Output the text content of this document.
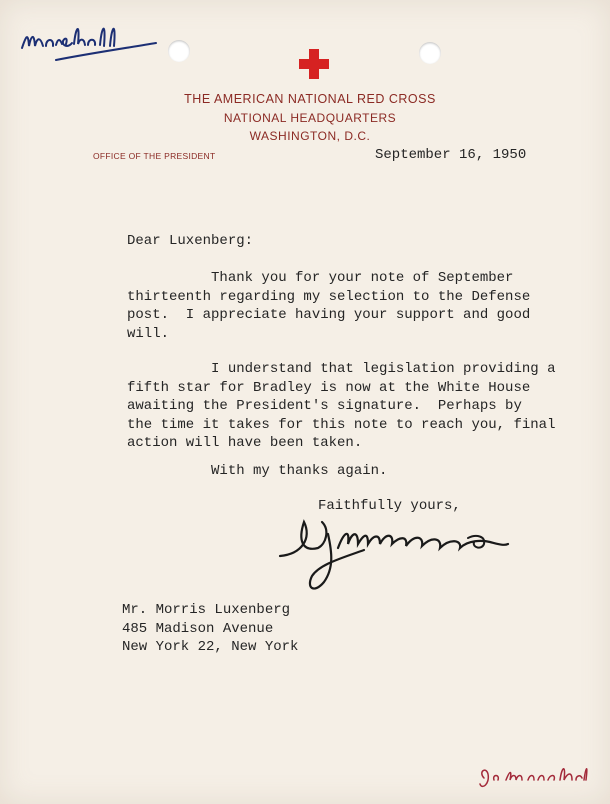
THE AMERICAN NATIONAL RED CROSS
NATIONAL HEADQUARTERS
WASHINGTON, D.C.
OFFICE OF THE PRESIDENT	September 16, 1950
Dear Luxenberg:
Thank you for your note of September
thirteenth regarding my selection to the Defense
post.  I appreciate having your support and good
will.
I understand that legislation providing a
fifth star for Bradley is now at the White House
awaiting the President's signature.  Perhaps by
the time it takes for this note to reach you, final
action will have been taken.
With my thanks again.
Faithfully yours,
Mr. Morris Luxenberg
485 Madison Avenue
New York 22, New York
